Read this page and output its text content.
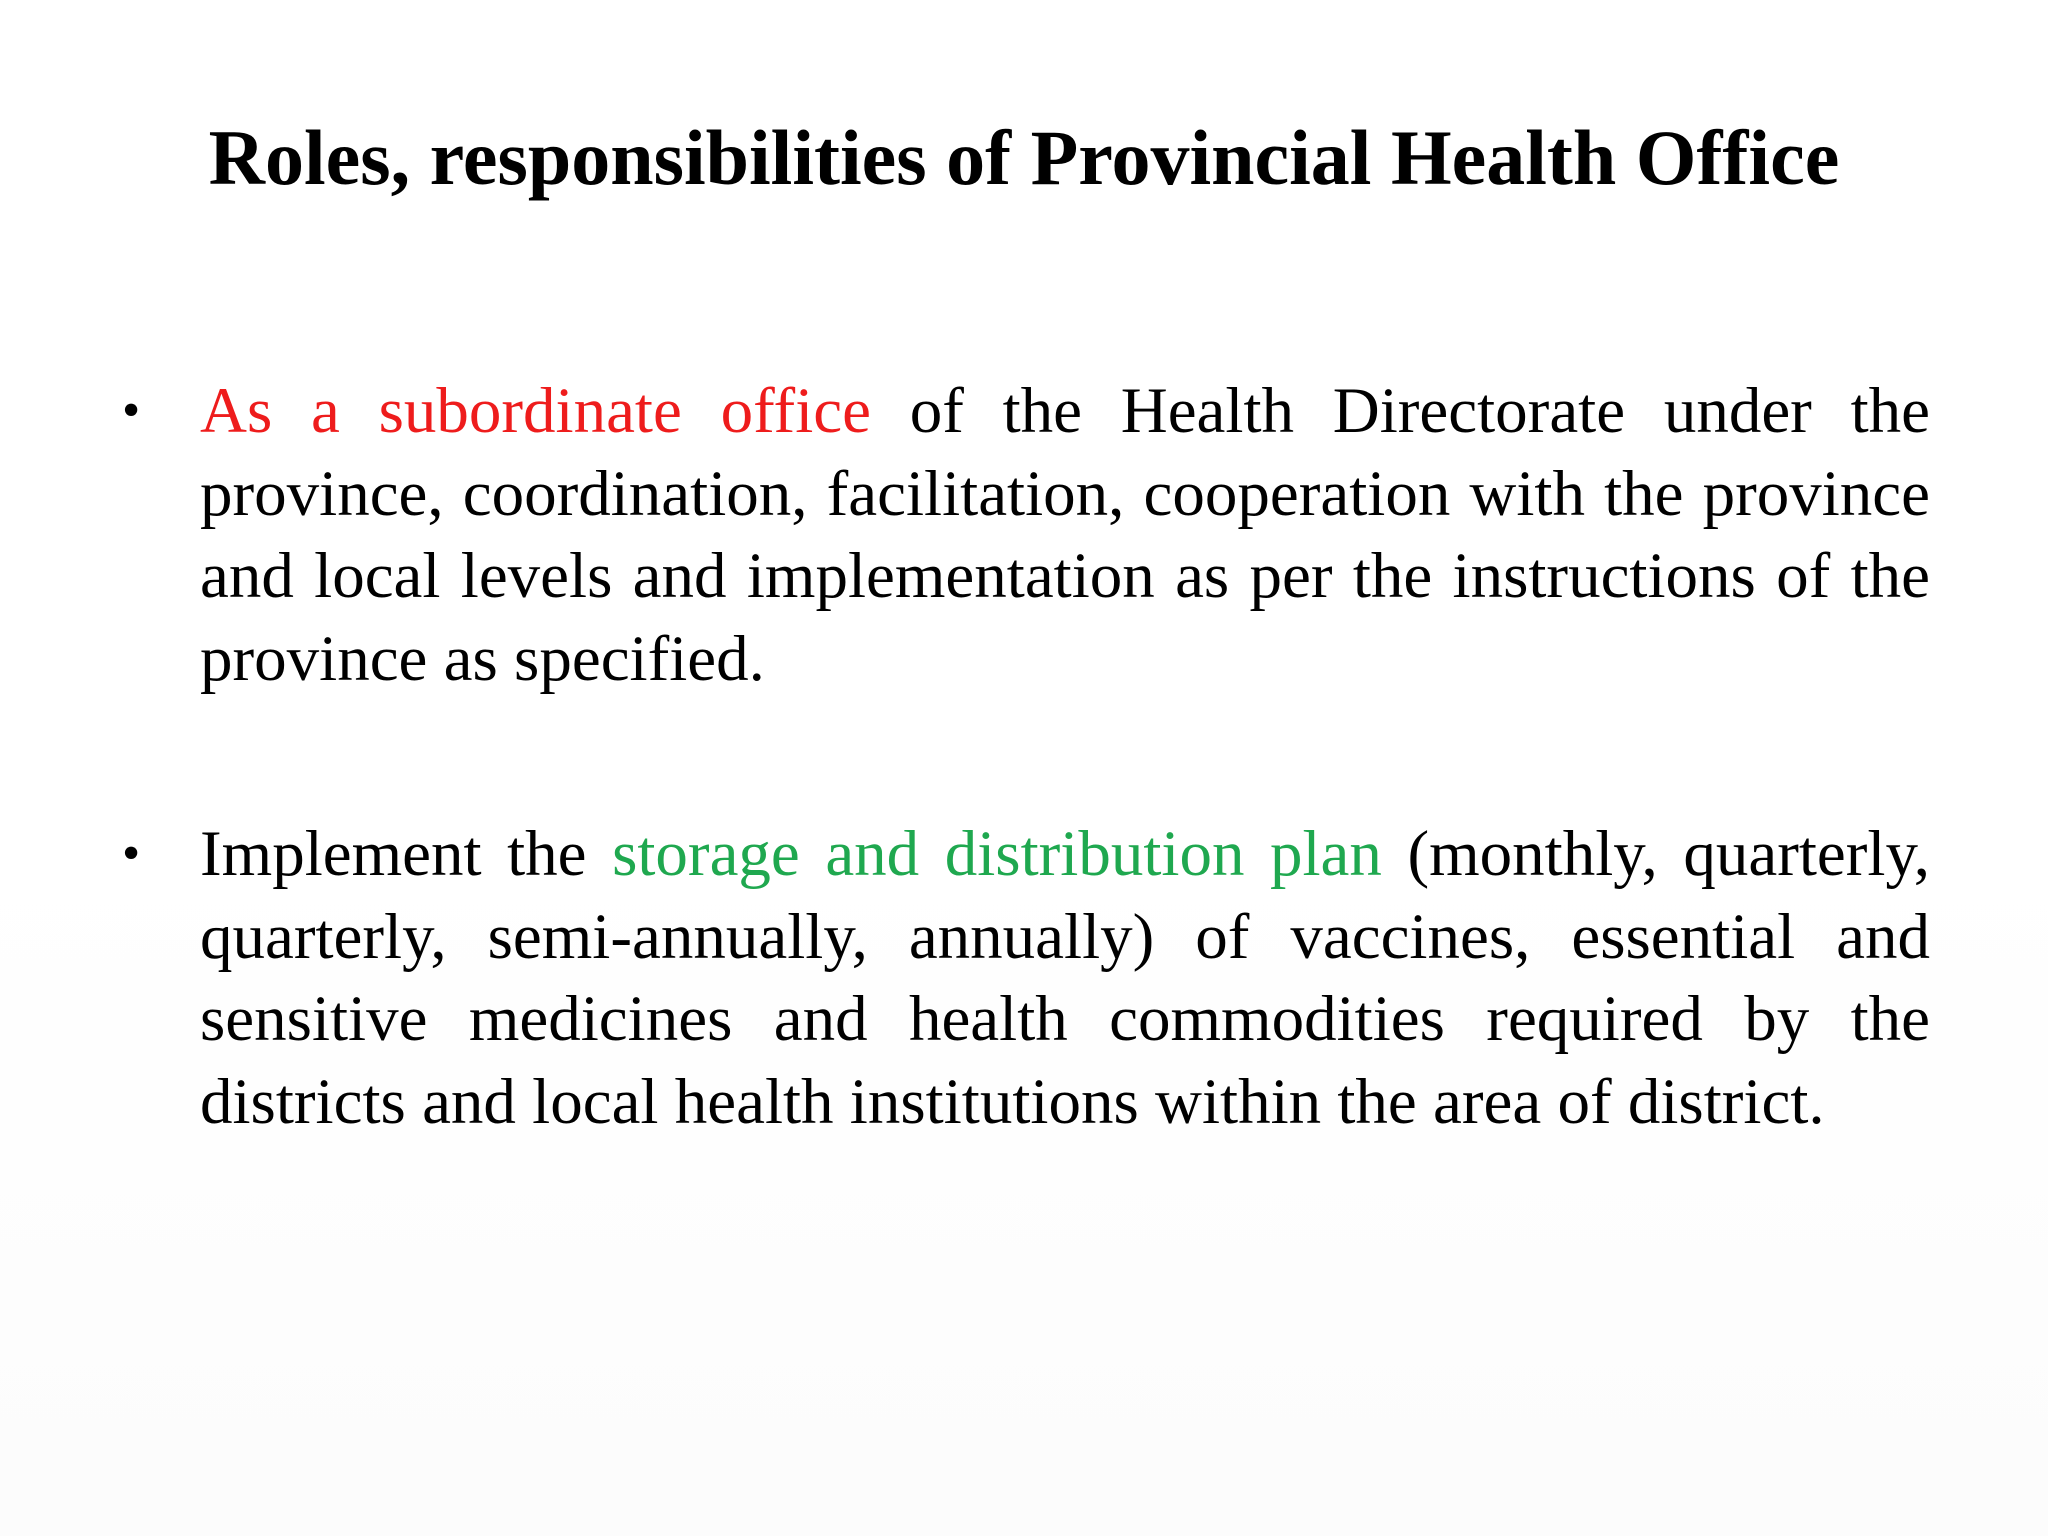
Roles, responsibilities of Provincial Health Office
• As a subordinate office of the Health Directorate under the province, coordination, facilitation, cooperation with the province and local levels and implementation as per the instructions of the province as specified.
• Implement the storage and distribution plan (monthly, quarterly, quarterly, semi-annually, annually) of vaccines, essential and sensitive medicines and health commodities required by the districts and local health institutions within the area of district.
